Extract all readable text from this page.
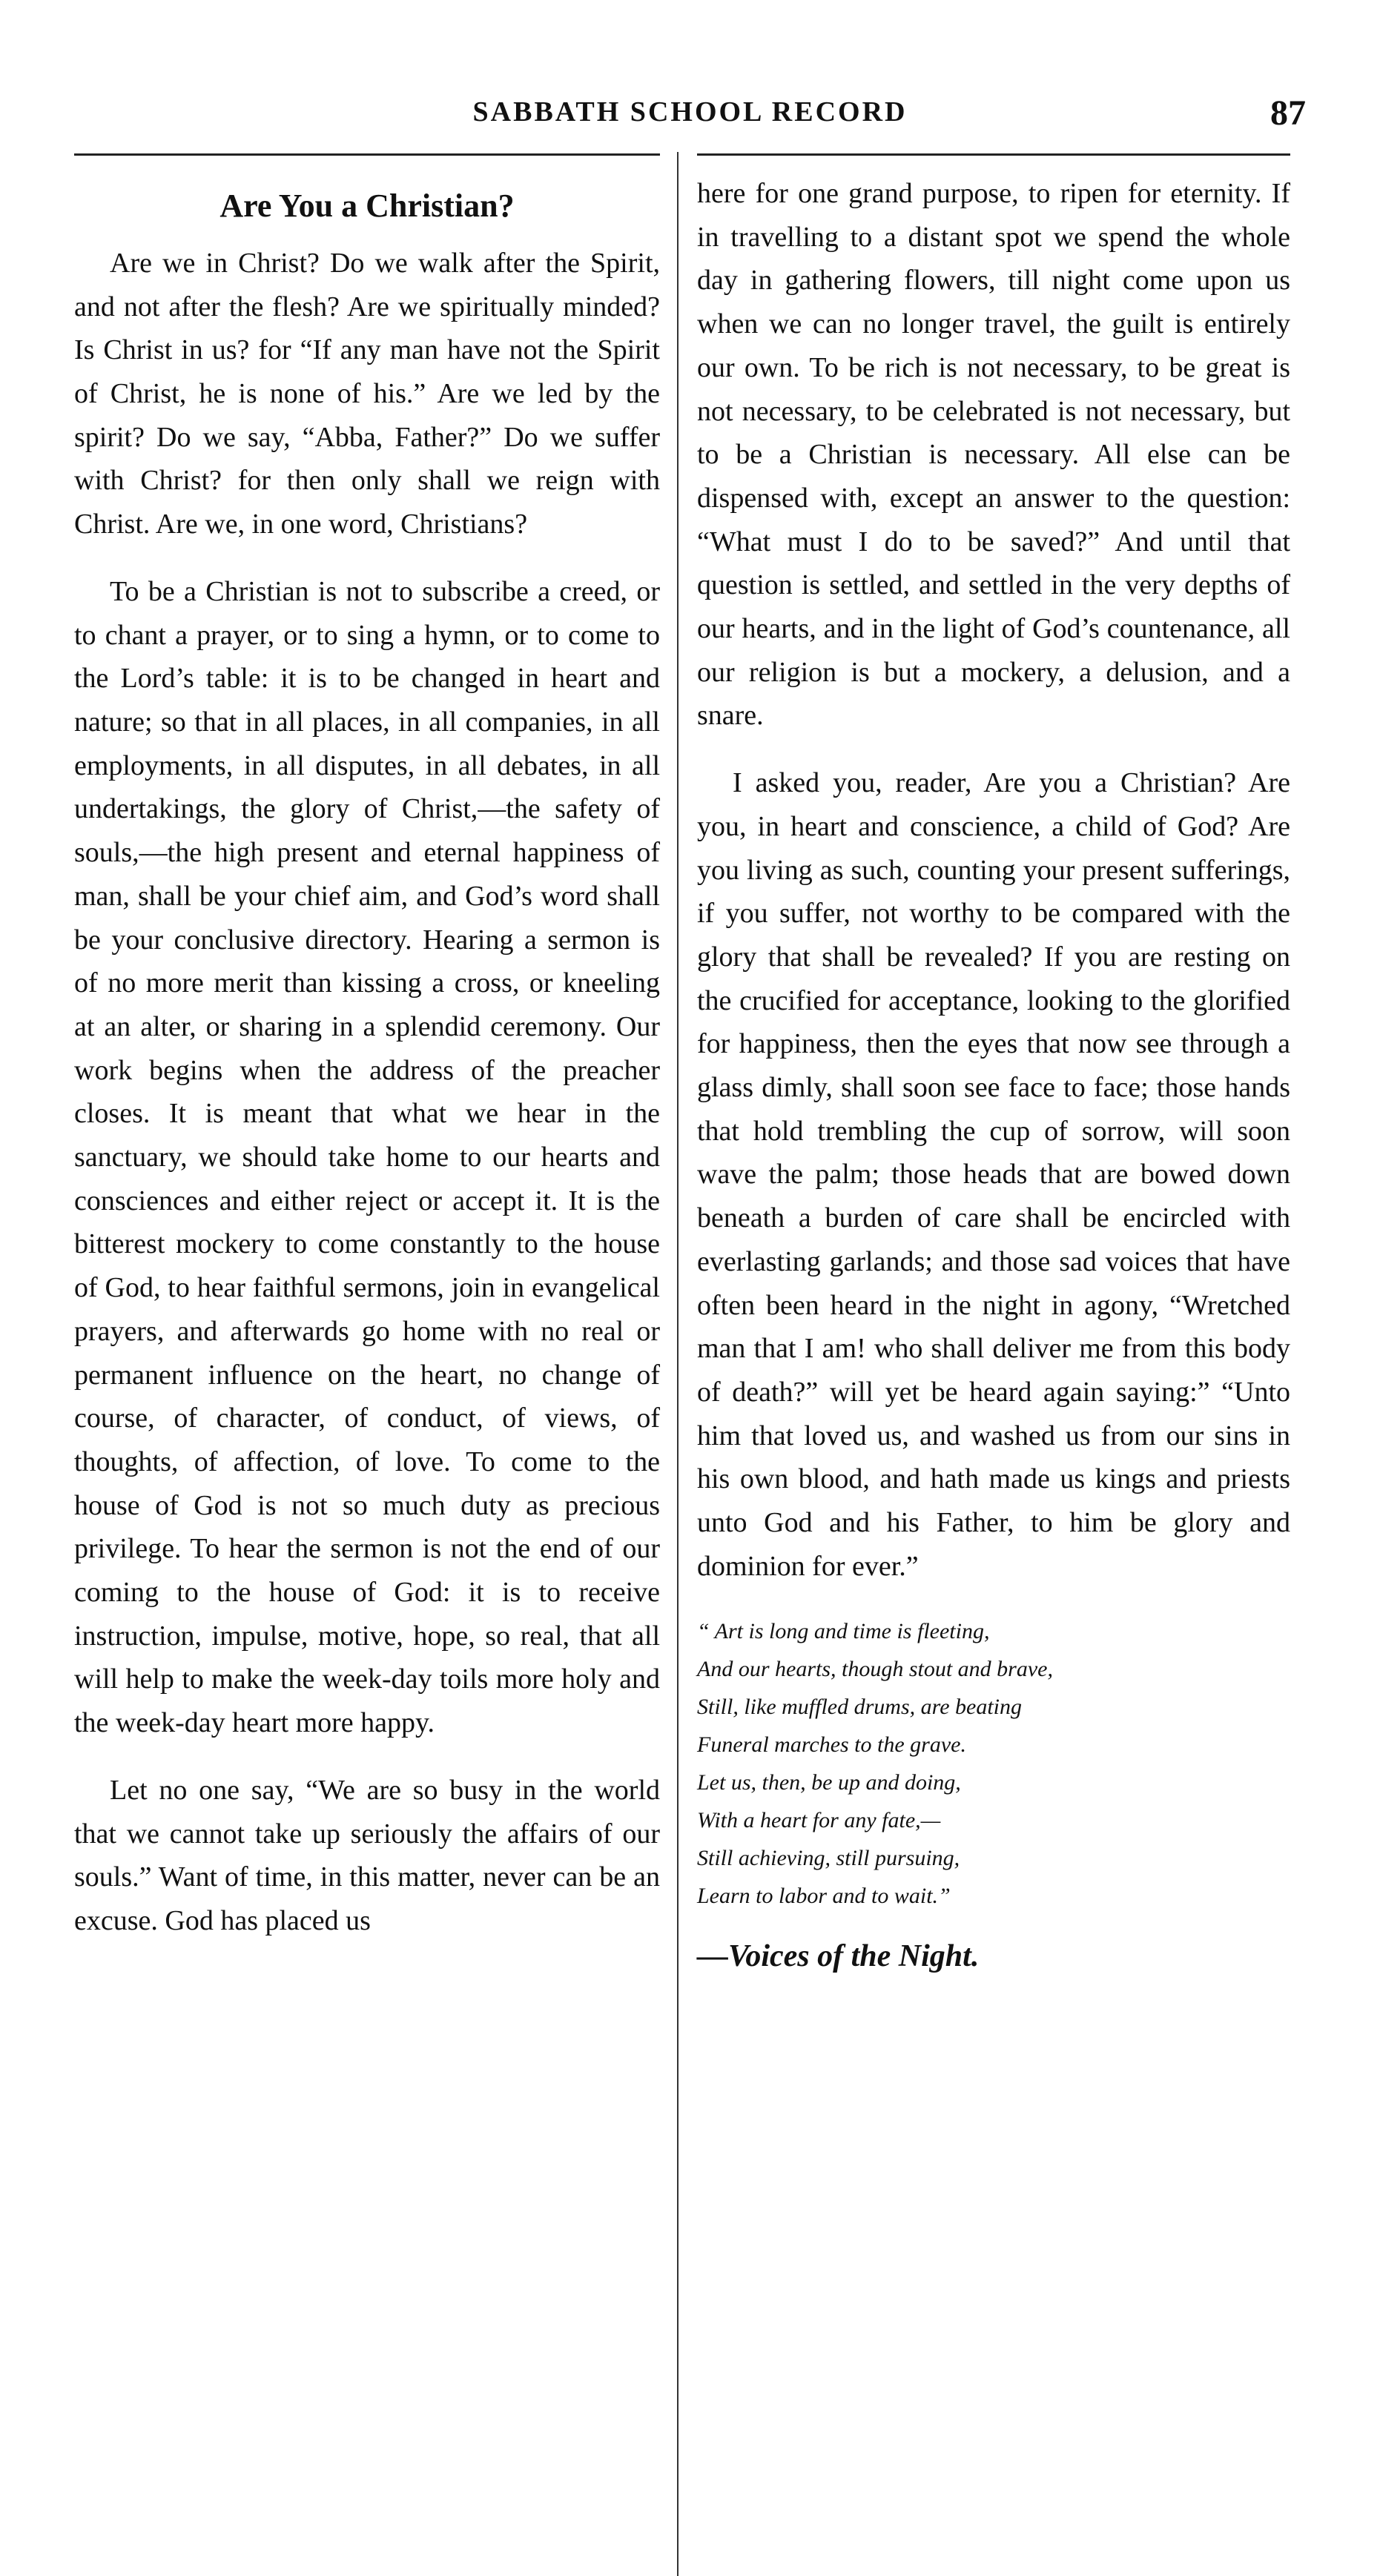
SABBATH SCHOOL RECORD	87
Are You a Christian?

Are we in Christ? Do we walk after the Spirit, and not after the flesh? Are we spiritually minded? Is Christ in us? for “If any man have not the Spirit of Christ, he is none of his.” Are we led by the spirit? Do we say, “Abba, Father?” Do we suffer with Christ? for then only shall we reign with Christ. Are we, in one word, Christians?

To be a Christian is not to subscribe a creed, or to chant a prayer, or to sing a hymn, or to come to the Lord’s table: it is to be changed in heart and nature; so that in all places, in all companies, in all employments, in all disputes, in all debates, in all undertakings, the glory of Christ,—the safety of souls,—the high present and eternal happiness of man, shall be your chief aim, and God’s word shall be your conclusive directory. Hearing a sermon is of no more merit than kissing a cross, or kneeling at an alter, or sharing in a splendid ceremony. Our work begins when the address of the preacher closes. It is meant that what we hear in the sanctuary, we should take home to our hearts and consciences and either reject or accept it. It is the bitterest mockery to come constantly to the house of God, to hear faithful sermons, join in evangelical prayers, and afterwards go home with no real or permanent influence on the heart, no change of course, of character, of conduct, of views, of thoughts, of affection, of love. To come to the house of God is not so much duty as precious privilege. To hear the sermon is not the end of our coming to the house of God: it is to receive instruction, impulse, motive, hope, so real, that all will help to make the week-day toils more holy and the week-day heart more happy.

Let no one say, “We are so busy in the world that we cannot take up seriously the affairs of our souls.” Want of time, in this matter, never can be an excuse. God has placed us

here for one grand purpose, to ripen for eternity. If in travelling to a distant spot we spend the whole day in gathering flowers, till night come upon us when we can no longer travel, the guilt is entirely our own. To be rich is not necessary, to be great is not necessary, to be celebrated is not necessary, but to be a Christian is necessary. All else can be dispensed with, except an answer to the question: “What must I do to be saved?” And until that question is settled, and settled in the very depths of our hearts, and in the light of God’s countenance, all our religion is but a mockery, a delusion, and a snare.

I asked you, reader, Are you a Christian? Are you, in heart and conscience, a child of God? Are you living as such, counting your present sufferings, if you suffer, not worthy to be compared with the glory that shall be revealed? If you are resting on the crucified for acceptance, looking to the glorified for happiness, then the eyes that now see through a glass dimly, shall soon see face to face; those hands that hold trembling the cup of sorrow, will soon wave the palm; those heads that are bowed down beneath a burden of care shall be encircled with everlasting garlands; and those sad voices that have often been heard in the night in agony, “Wretched man that I am! who shall deliver me from this body of death?” will yet be heard again saying:” “Unto him that loved us, and washed us from our sins in his own blood, and hath made us kings and priests unto God and his Father, to him be glory and dominion for ever.”

“ Art is long and time is fleeting,
And our hearts, though stout and brave,
Still, like muffled drums, are beating
Funeral marches to the grave.
Let us, then, be up and doing,
With a heart for any fate,—
Still achieving, still pursuing,
Learn to labor and to wait.”
—Voices of the Night.
